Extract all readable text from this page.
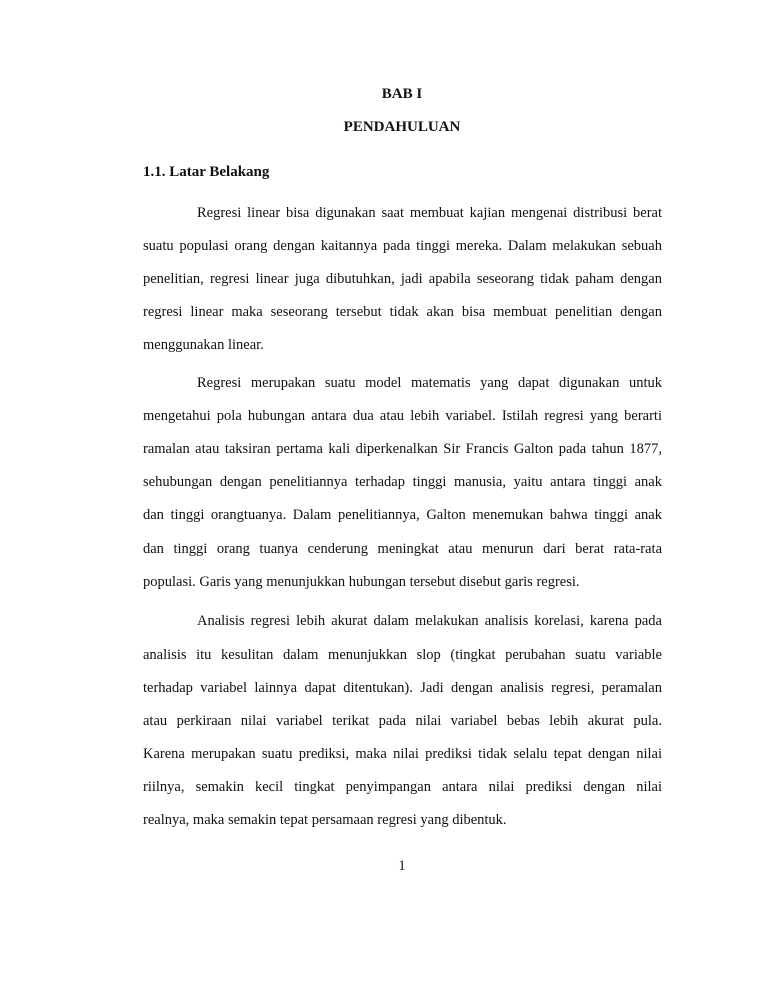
BAB I
PENDAHULUAN
1.1. Latar Belakang
Regresi linear bisa digunakan saat membuat kajian mengenai distribusi berat
suatu populasi orang dengan kaitannya pada tinggi mereka. Dalam melakukan sebuah
penelitian, regresi linear juga dibutuhkan, jadi apabila seseorang tidak paham dengan
regresi linear maka seseorang tersebut tidak akan bisa membuat penelitian dengan
menggunakan linear.
Regresi merupakan suatu model matematis yang dapat digunakan untuk
mengetahui pola hubungan antara dua atau lebih variabel. Istilah regresi yang berarti
ramalan atau taksiran pertama kali diperkenalkan Sir Francis Galton pada tahun 1877,
sehubungan dengan penelitiannya terhadap tinggi manusia, yaitu antara tinggi anak
dan tinggi orangtuanya. Dalam penelitiannya, Galton menemukan bahwa tinggi anak
dan tinggi orang tuanya cenderung meningkat atau menurun dari berat rata-rata
populasi. Garis yang menunjukkan hubungan tersebut disebut garis regresi.
Analisis regresi lebih akurat dalam melakukan analisis korelasi, karena pada
analisis itu kesulitan dalam menunjukkan slop (tingkat perubahan suatu variable
terhadap variabel lainnya dapat ditentukan). Jadi dengan analisis regresi, peramalan
atau perkiraan nilai variabel terikat pada nilai variabel bebas lebih akurat pula.
Karena merupakan suatu prediksi, maka nilai prediksi tidak selalu tepat dengan nilai
riilnya, semakin kecil tingkat penyimpangan antara nilai prediksi dengan nilai
realnya, maka semakin tepat persamaan regresi yang dibentuk.
1
